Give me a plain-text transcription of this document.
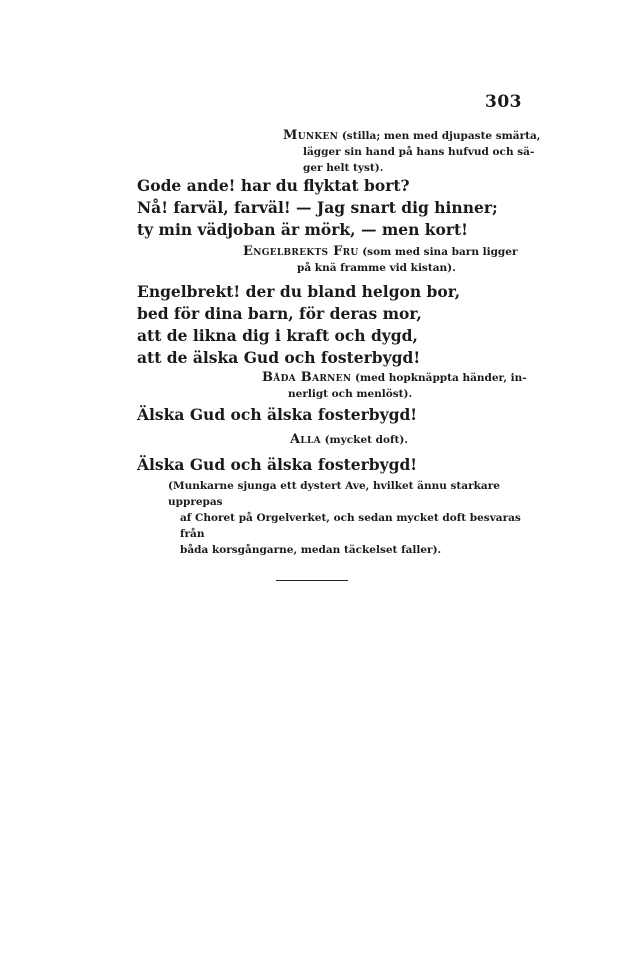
303
Munken (stilla; men med djupaste smärta,
lägger sin hand på hans hufvud och sä-
ger helt tyst).
Gode ande! har du flyktat bort?
Nå! farväl, farväl! — Jag snart dig hinner;
ty min vädjoban är mörk, — men kort!
Engelbrekts Fru (som med sina barn ligger
på knä framme vid kistan).
Engelbrekt! der du bland helgon bor,
bed för dina barn, för deras mor,
att de likna dig i kraft och dygd,
att de älska Gud och fosterbygd!
Båda Barnen (med hopknäppta händer, in-
nerligt och menlöst).
Älska Gud och älska fosterbygd!
Alla (mycket doft).
Älska Gud och älska fosterbygd!
(Munkarne sjunga ett dystert Ave, hvilket ännu starkare upprepas
af Choret på Orgelverket, och sedan mycket doft besvaras från
båda korsgångarne, medan täckelset faller).
